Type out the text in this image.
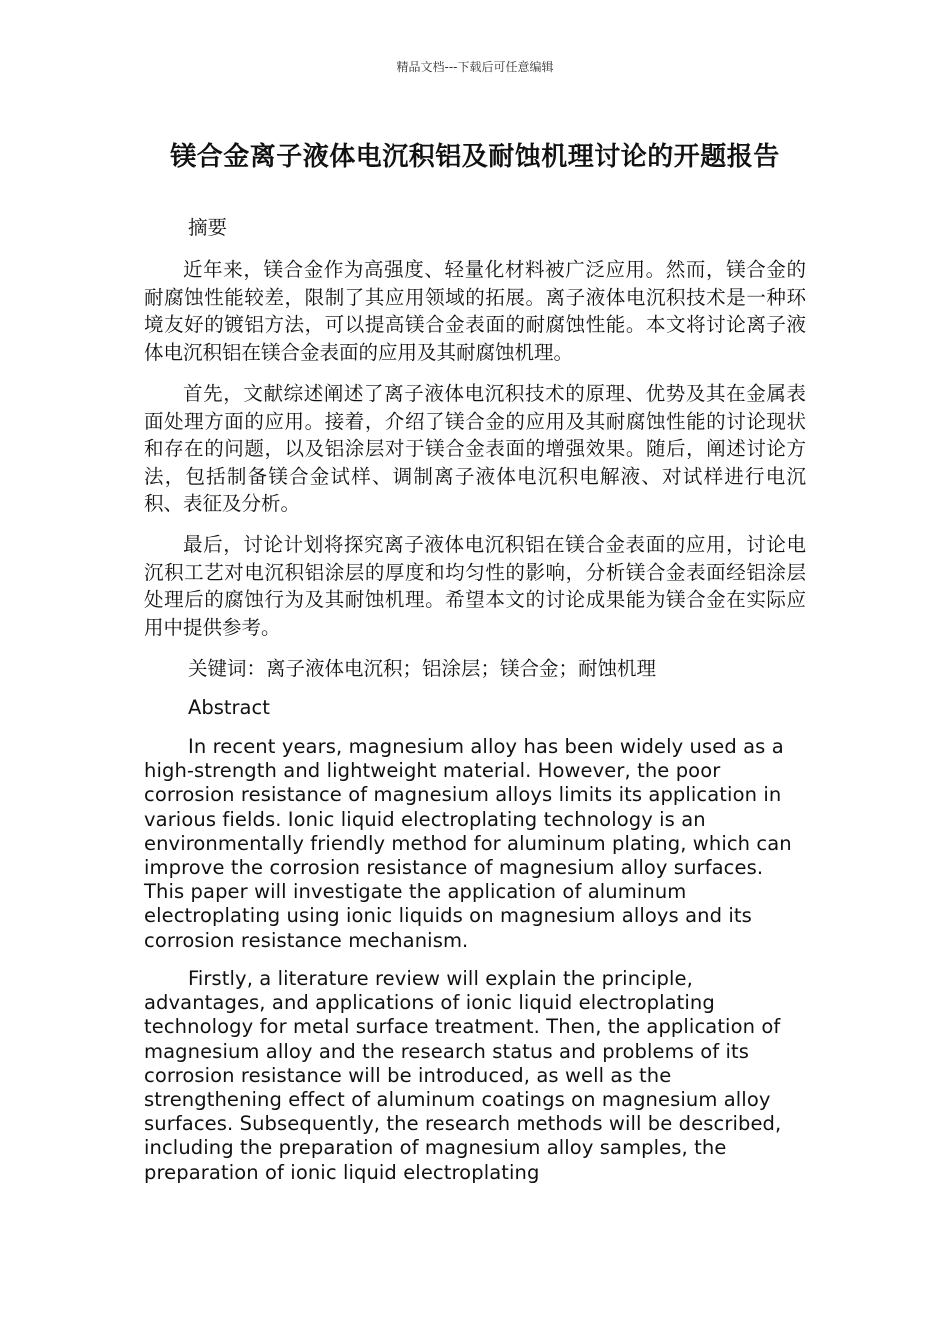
精品文档---下载后可任意编辑
镁合金离子液体电沉积铝及耐蚀机理讨论的开题报告

摘要

近年来，镁合金作为高强度、轻量化材料被广泛应用。然而，镁合金的耐腐蚀性能较差，限制了其应用领域的拓展。离子液体电沉积技术是一种环境友好的镀铝方法，可以提高镁合金表面的耐腐蚀性能。本文将讨论离子液体电沉积铝在镁合金表面的应用及其耐腐蚀机理。

首先，文献综述阐述了离子液体电沉积技术的原理、优势及其在金属表面处理方面的应用。接着，介绍了镁合金的应用及其耐腐蚀性能的讨论现状和存在的问题，以及铝涂层对于镁合金表面的增强效果。随后，阐述讨论方法，包括制备镁合金试样、调制离子液体电沉积电解液、对试样进行电沉积、表征及分析。

最后，讨论计划将探究离子液体电沉积铝在镁合金表面的应用，讨论电沉积工艺对电沉积铝涂层的厚度和均匀性的影响，分析镁合金表面经铝涂层处理后的腐蚀行为及其耐蚀机理。希望本文的讨论成果能为镁合金在实际应用中提供参考。

关键词：离子液体电沉积；铝涂层；镁合金；耐蚀机理

Abstract

In recent years, magnesium alloy has been widely used as a high-strength and lightweight material. However, the poor corrosion resistance of magnesium alloys limits its application in various fields. Ionic liquid electroplating technology is an environmentally friendly method for aluminum plating, which can improve the corrosion resistance of magnesium alloy surfaces. This paper will investigate the application of aluminum electroplating using ionic liquids on magnesium alloys and its corrosion resistance mechanism.

Firstly, a literature review will explain the principle, advantages, and applications of ionic liquid electroplating technology for metal surface treatment. Then, the application of magnesium alloy and the research status and problems of its corrosion resistance will be introduced, as well as the strengthening effect of aluminum coatings on magnesium alloy surfaces. Subsequently, the research methods will be described, including the preparation of magnesium alloy samples, the preparation of ionic liquid electroplating
